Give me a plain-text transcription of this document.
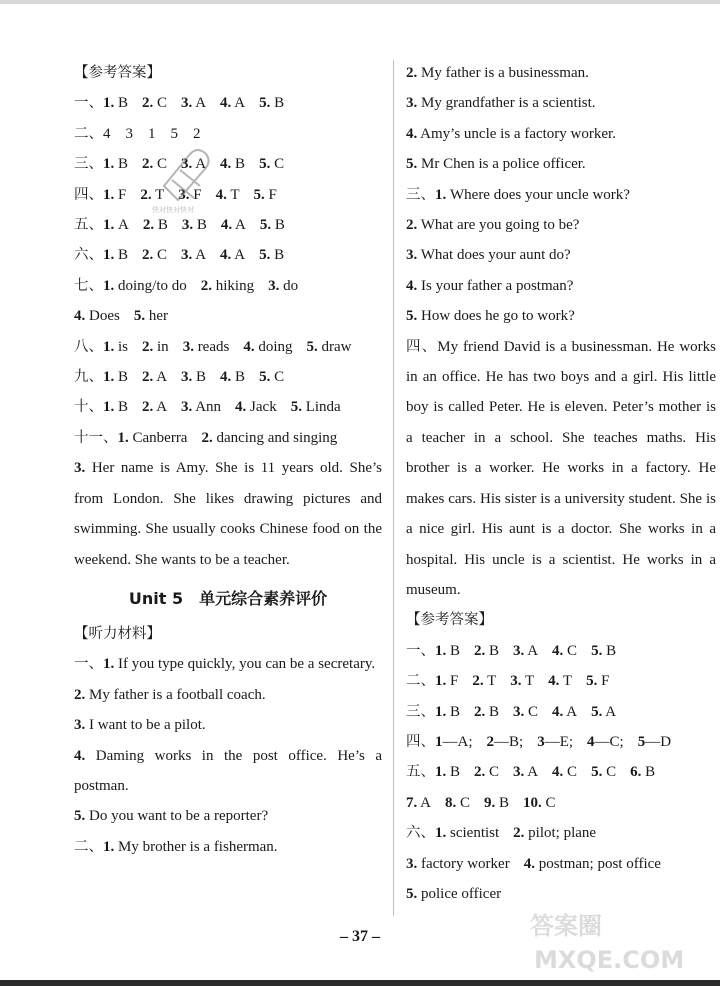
【参考答案】
一、1. B 2. C 3. A 4. A 5. B
二、4　3　1　5　2
三、1. B 2. C 3. A 4. B 5. C
四、1. F 2. T 3. F 4. T 5. F
五、1. A 2. B 3. B 4. A 5. B
六、1. B 2. C 3. A 4. A 5. B
七、1. doing/to do 2. hiking 3. do
4. Does 5. her
八、1. is 2. in 3. reads 4. doing 5. draw
九、1. B 2. A 3. B 4. B 5. C
十、1. B 2. A 3. Ann 4. Jack 5. Linda
十一、1. Canberra 2. dancing and singing
3. Her name is Amy. She is 11 years old. She’s from London. She likes drawing pictures and swimming. She usually cooks Chinese food on the weekend. She wants to be a teacher.
Unit 5　单元综合素养评价
【听力材料】
一、1. If you type quickly, you can be a secretary.
2. My father is a football coach.
3. I want to be a pilot.
4. Daming works in the post office. He’s a postman.
5. Do you want to be a reporter?
二、1. My brother is a fisherman.
2. My father is a businessman.
3. My grandfather is a scientist.
4. Amy’s uncle is a factory worker.
5. Mr Chen is a police officer.
三、1. Where does your uncle work?
2. What are you going to be?
3. What does your aunt do?
4. Is your father a postman?
5. How does he go to work?
四、My friend David is a businessman. He works in an office. He has two boys and a girl. His little boy is called Peter. He is eleven. Peter’s mother is a teacher in a school. She teaches maths. His brother is a worker. He works in a factory. He makes cars. His sister is a university student. She is a nice girl. His aunt is a doctor. She works in a hospital. His uncle is a scientist. He works in a museum.
【参考答案】
一、1. B 2. B 3. A 4. C 5. B
二、1. F 2. T 3. T 4. T 5. F
三、1. B 2. B 3. C 4. A 5. A
四、1—A; 2—B; 3—E; 4—C; 5—D
五、1. B 2. C 3. A 4. C 5. C 6. B
7. A 8. C 9. B 10. C
六、1. scientist 2. pilot; plane
3. factory worker 4. postman; post office
5. police officer
快对快对快对
– 37 –	答案圈
MXQE.COM
